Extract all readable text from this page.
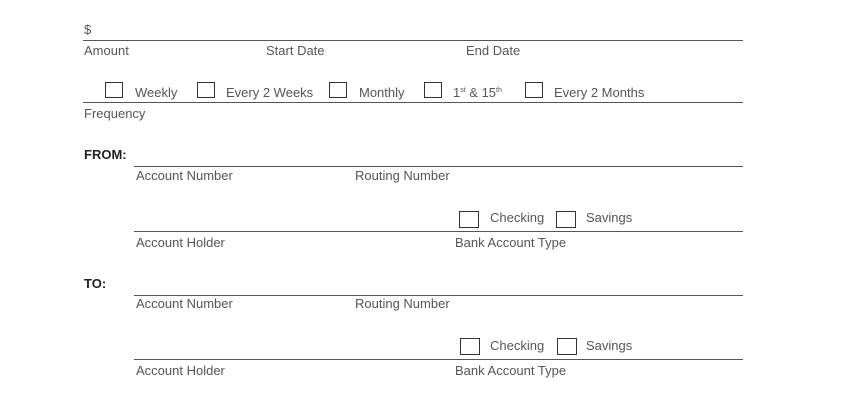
$
Amount	Start Date	End Date
Weekly	Every 2 Weeks	Monthly	1st & 15th	Every 2 Months
Frequency
FROM:
Account Number	Routing Number
Checking	Savings
Account Holder	Bank Account Type
TO:
Account Number	Routing Number
Checking	Savings
Account Holder	Bank Account Type
